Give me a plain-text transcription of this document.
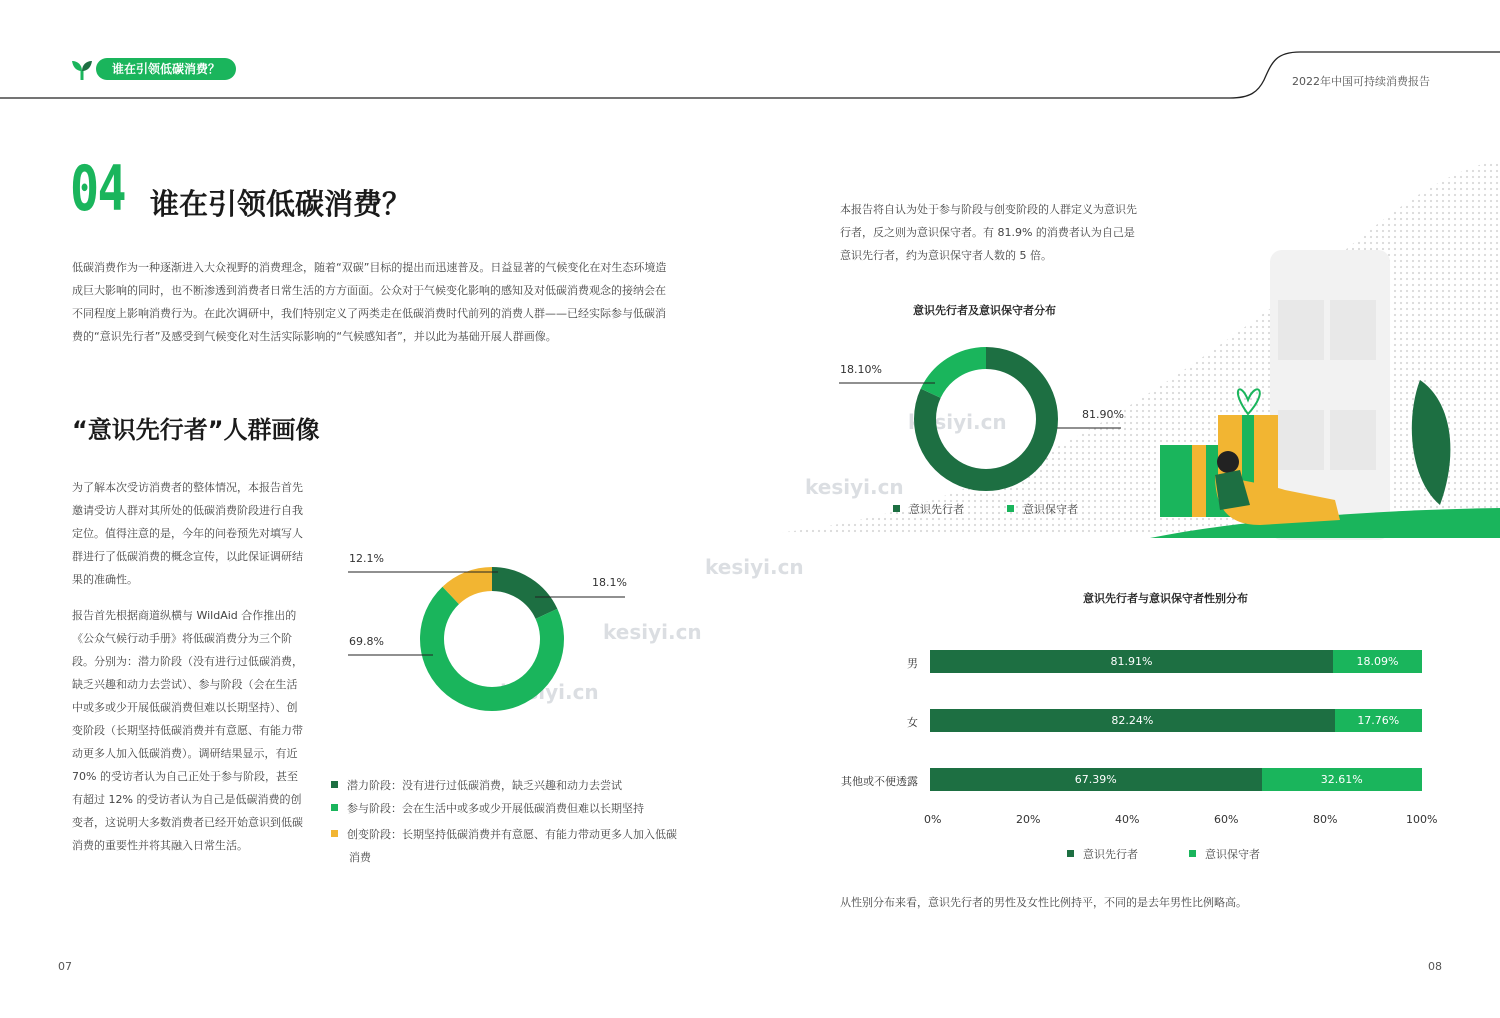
谁在引领低碳消费？
2022年中国可持续消费报告
kesiyi.cn
kesiyi.cn
kesiyi.cn
kesiyi.cn
kesiyi.cn
04 谁在引领低碳消费？
低碳消费作为一种逐渐进入大众视野的消费理念，随着“双碳”目标的提出而迅速普及。日益显著的气候变化在对生态环境造成巨大影响的同时，也不断渗透到消费者日常生活的方方面面。公众对于气候变化影响的感知及对低碳消费观念的接纳会在不同程度上影响消费行为。在此次调研中，我们特别定义了两类走在低碳消费时代前列的消费人群——已经实际参与低碳消费的“意识先行者”及感受到气候变化对生活实际影响的“气候感知者”，并以此为基础开展人群画像。
“意识先行者”人群画像
为了解本次受访消费者的整体情况，本报告首先邀请受访人群对其所处的低碳消费阶段进行自我定位。值得注意的是，今年的问卷预先对填写人群进行了低碳消费的概念宣传，以此保证调研结果的准确性。
报告首先根据商道纵横与 WildAid 合作推出的《公众气候行动手册》将低碳消费分为三个阶段。分别为：潜力阶段（没有进行过低碳消费，缺乏兴趣和动力去尝试）、参与阶段（会在生活中或多或少开展低碳消费但难以长期坚持）、创变阶段（长期坚持低碳消费并有意愿、有能力带动更多人加入低碳消费）。调研结果显示，有近 70% 的受访者认为自己正处于参与阶段，甚至有超过 12% 的受访者认为自己是低碳消费的创变者，这说明大多数消费者已经开始意识到低碳消费的重要性并将其融入日常生活。
12.1%
18.1%
69.8%
潜力阶段：没有进行过低碳消费，缺乏兴趣和动力去尝试
参与阶段：会在生活中或多或少开展低碳消费但难以长期坚持
创变阶段：长期坚持低碳消费并有意愿、有能力带动更多人加入低碳消费
07
本报告将自认为处于参与阶段与创变阶段的人群定义为意识先行者，反之则为意识保守者。有 81.9% 的消费者认为自己是意识先行者，约为意识保守者人数的 5 倍。
意识先行者及意识保守者分布
18.10%
81.90%
意识先行者	意识保守者
意识先行者与意识保守者性别分布
男
女
其他或不便透露
81.91%	18.09%
82.24%	17.76%
67.39%	32.61%
0%	20%	40%	60%	80%	100%
意识先行者	意识保守者
从性别分布来看，意识先行者的男性及女性比例持平，不同的是去年男性比例略高。
08
